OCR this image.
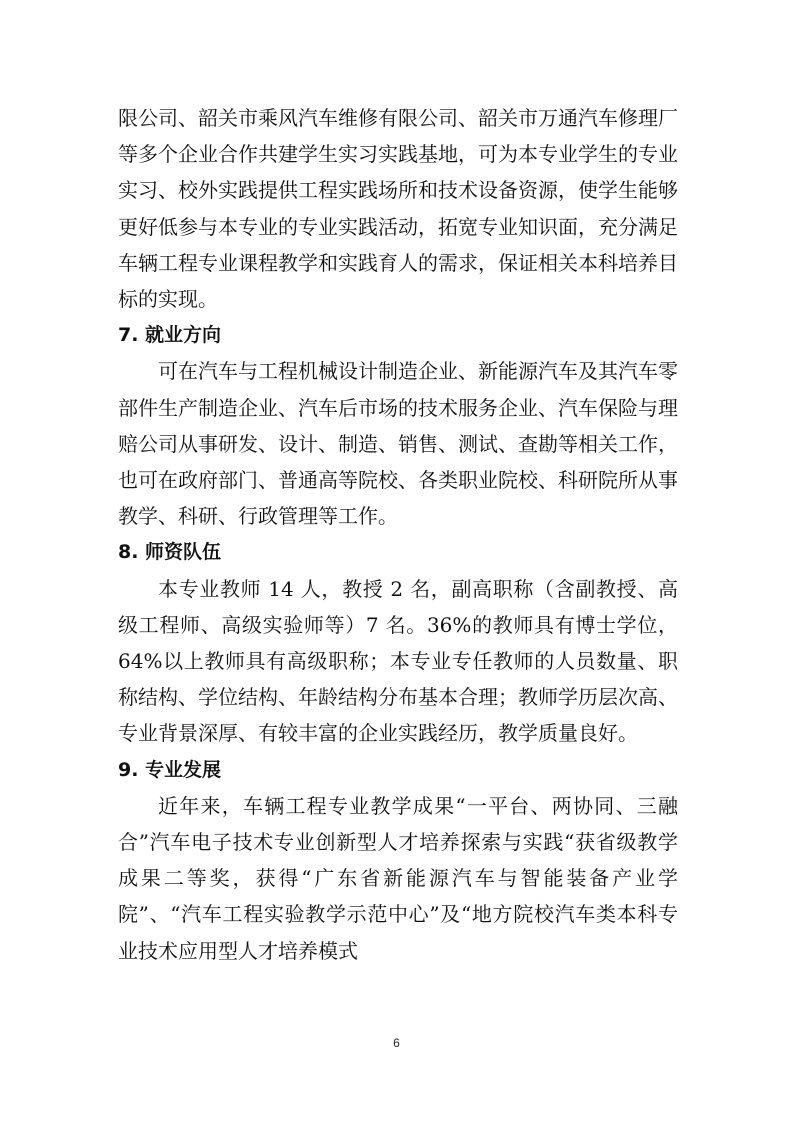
限公司、韶关市乘风汽车维修有限公司、韶关市万通汽车修理厂等多个企业合作共建学生实习实践基地，可为本专业学生的专业实习、校外实践提供工程实践场所和技术设备资源，使学生能够更好低参与本专业的专业实践活动，拓宽专业知识面，充分满足车辆工程专业课程教学和实践育人的需求，保证相关本科培养目标的实现。

7. 就业方向

可在汽车与工程机械设计制造企业、新能源汽车及其汽车零部件生产制造企业、汽车后市场的技术服务企业、汽车保险与理赔公司从事研发、设计、制造、销售、测试、查勘等相关工作，也可在政府部门、普通高等院校、各类职业院校、科研院所从事教学、科研、行政管理等工作。

8. 师资队伍

本专业教师 14 人，教授 2 名，副高职称（含副教授、高级工程师、高级实验师等）7 名。36%的教师具有博士学位，64%以上教师具有高级职称；本专业专任教师的人员数量、职称结构、学位结构、年龄结构分布基本合理；教师学历层次高、专业背景深厚、有较丰富的企业实践经历，教学质量良好。

9. 专业发展

近年来，车辆工程专业教学成果“一平台、两协同、三融合”汽车电子技术专业创新型人才培养探索与实践“获省级教学成果二等奖，获得“广东省新能源汽车与智能装备产业学院”、“汽车工程实验教学示范中心”及“地方院校汽车类本科专业技术应用型人才培养模式

6
